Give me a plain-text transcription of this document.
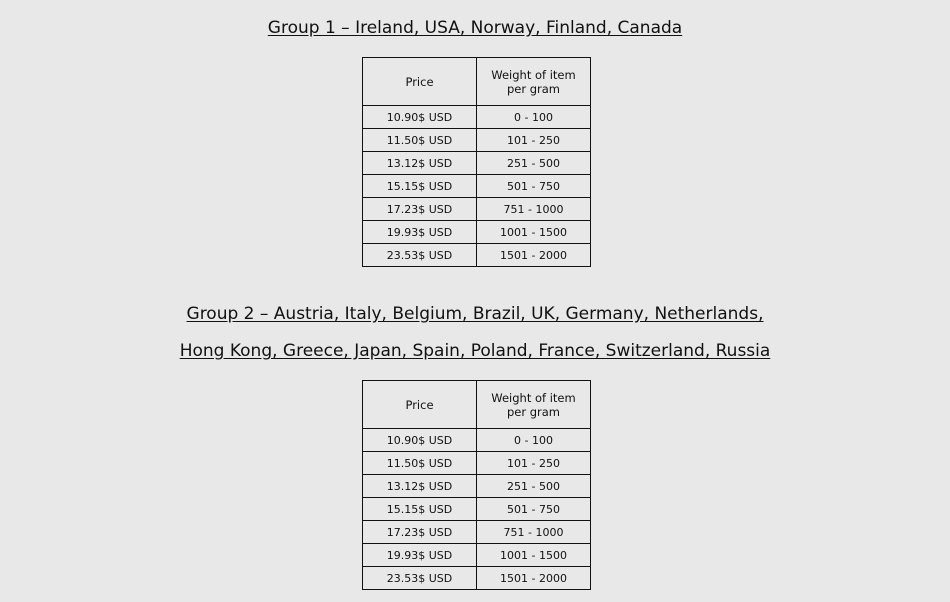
Group 1 – Ireland, USA, Norway, Finland, Canada
Price	Weight of item per gram
10.90$ USD	0 - 100
11.50$ USD	101 - 250
13.12$ USD	251 - 500
15.15$ USD	501 - 750
17.23$ USD	751 - 1000
19.93$ USD	1001 - 1500
23.53$ USD	1501 - 2000
Group 2 – Austria, Italy, Belgium, Brazil, UK, Germany, Netherlands,
Hong Kong, Greece, Japan, Spain, Poland, France, Switzerland, Russia
Price	Weight of item per gram
10.90$ USD	0 - 100
11.50$ USD	101 - 250
13.12$ USD	251 - 500
15.15$ USD	501 - 750
17.23$ USD	751 - 1000
19.93$ USD	1001 - 1500
23.53$ USD	1501 - 2000
